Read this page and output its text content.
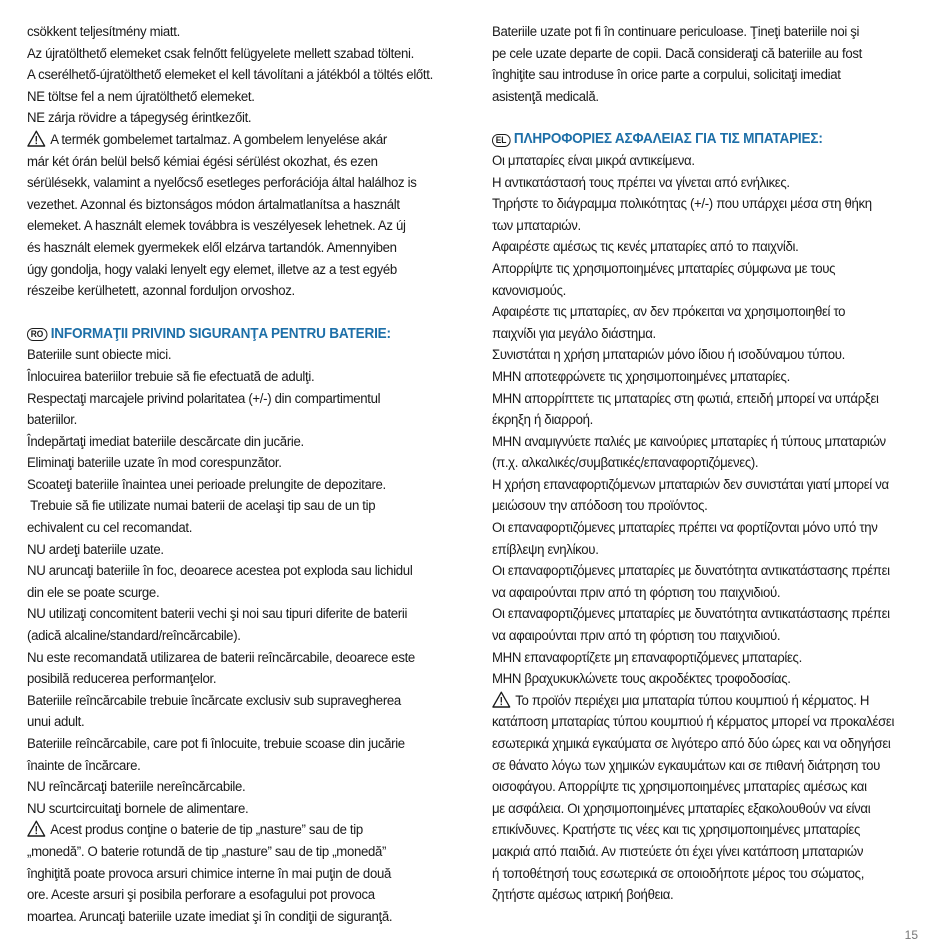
csökkent teljesítmény miatt.
Az újratölthető elemeket csak felnőtt felügyelete mellett szabad tölteni.
A cserélhető-újratölthető elemeket el kell távolítani a játékból a töltés előtt.
NE töltse fel a nem újratölthető elemeket.
NE zárja rövidre a tápegység érintkezőit.
A termék gombelemet tartalmaz. A gombelem lenyelése akár
már két órán belül belső kémiai égési sérülést okozhat, és ezen
sérülésekk, valamint a nyelőcső esetleges perforációja által halálhoz is
vezethet. Azonnal és biztonságos módon ártalmatlanítsa a használt
elemeket. A használt elemek továbbra is veszélyesek lehetnek. Az új
és használt elemek gyermekek elől elzárva tartandók. Amennyiben
úgy gondolja, hogy valaki lenyelt egy elemet, illetve az a test egyéb
részeibe kerülhetett, azonnal forduljon orvoshoz.
RO INFORMAŢII PRIVIND SIGURANŢA PENTRU BATERIE:
Bateriile sunt obiecte mici.
Înlocuirea bateriilor trebuie să fie efectuată de adulţi.
Respectaţi marcajele privind polaritatea (+/-) din compartimentul
bateriilor.
Îndepărtaţi imediat bateriile descărcate din jucărie.
Eliminaţi bateriile uzate în mod corespunzător.
Scoateţi bateriile înaintea unei perioade prelungite de depozitare.
Trebuie să fie utilizate numai baterii de acelaşi tip sau de un tip
echivalent cu cel recomandat.
NU ardeţi bateriile uzate.
NU aruncaţi bateriile în foc, deoarece acestea pot exploda sau lichidul
din ele se poate scurge.
NU utilizaţi concomitent baterii vechi şi noi sau tipuri diferite de baterii
(adică alcaline/standard/reîncărcabile).
Nu este recomandată utilizarea de baterii reîncărcabile, deoarece este
posibilă reducerea performanţelor.
Bateriile reîncărcabile trebuie încărcate exclusiv sub supravegherea
unui adult.
Bateriile reîncărcabile, care pot fi înlocuite, trebuie scoase din jucărie
înainte de încărcare.
NU reîncărcaţi bateriile nereîncărcabile.
NU scurtcircuitaţi bornele de alimentare.
Acest produs conţine o baterie de tip „nasture” sau de tip
„monedă”. O baterie rotundă de tip „nasture” sau de tip „monedă”
înghiţită poate provoca arsuri chimice interne în mai puţin de două
ore. Aceste arsuri şi posibila perforare a esofagului pot provoca
moartea. Aruncaţi bateriile uzate imediat şi în condiţii de siguranţă.
Bateriile uzate pot fi în continuare periculoase. Ţineţi bateriile noi şi
pe cele uzate departe de copii. Dacă consideraţi că bateriile au fost
înghiţite sau introduse în orice parte a corpului, solicitaţi imediat
asistenţă medicală.
EL ΠΛΗΡΟΦΟΡΙΕΣ ΑΣΦΑΛΕΙΑΣ ΓΙΑ ΤΙΣ ΜΠΑΤΑΡΙΕΣ:
Οι μπαταρίες είναι μικρά αντικείμενα.
Η αντικατάστασή τους πρέπει να γίνεται από ενήλικες.
Τηρήστε το διάγραμμα πολικότητας (+/-) που υπάρχει μέσα στη θήκη
των μπαταριών.
Αφαιρέστε αμέσως τις κενές μπαταρίες από το παιχνίδι.
Απορρίψτε τις χρησιμοποιημένες μπαταρίες σύμφωνα με τους
κανονισμούς.
Αφαιρέστε τις μπαταρίες, αν δεν πρόκειται να χρησιμοποιηθεί το
παιχνίδι για μεγάλο διάστημα.
Συνιστάται η χρήση μπαταριών μόνο ίδιου ή ισοδύναμου τύπου.
ΜΗΝ αποτεφρώνετε τις χρησιμοποιημένες μπαταρίες.
ΜΗΝ απορρίπτετε τις μπαταρίες στη φωτιά, επειδή μπορεί να υπάρξει
έκρηξη ή διαρροή.
ΜΗΝ αναμιγνύετε παλιές με καινούριες μπαταρίες ή τύπους μπαταριών
(π.χ. αλκαλικές/συμβατικές/επαναφορτιζόμενες).
Η χρήση επαναφορτιζόμενων μπαταριών δεν συνιστάται γιατί μπορεί να
μειώσουν την απόδοση του προϊόντος.
Οι επαναφορτιζόμενες μπαταρίες πρέπει να φορτίζονται μόνο υπό την
επίβλεψη ενηλίκου.
Οι επαναφορτιζόμενες μπαταρίες με δυνατότητα αντικατάστασης πρέπει
να αφαιρούνται πριν από τη φόρτιση του παιχνιδιού.
Οι επαναφορτιζόμενες μπαταρίες με δυνατότητα αντικατάστασης πρέπει
να αφαιρούνται πριν από τη φόρτιση του παιχνιδιού.
ΜΗΝ επαναφορτίζετε μη επαναφορτιζόμενες μπαταρίες.
ΜΗΝ βραχυκυκλώνετε τους ακροδέκτες τροφοδοσίας.
Το προϊόν περιέχει μια μπαταρία τύπου κουμπιού ή κέρματος. Η
κατάποση μπαταρίας τύπου κουμπιού ή κέρματος μπορεί να προκαλέσει
εσωτερικά χημικά εγκαύματα σε λιγότερο από δύο ώρες και να οδηγήσει
σε θάνατο λόγω των χημικών εγκαυμάτων και σε πιθανή διάτρηση του
οισοφάγου. Απορρίψτε τις χρησιμοποιημένες μπαταρίες αμέσως και
με ασφάλεια. Οι χρησιμοποιημένες μπαταρίες εξακολουθούν να είναι
επικίνδυνες. Κρατήστε τις νέες και τις χρησιμοποιημένες μπαταρίες
μακριά από παιδιά. Αν πιστεύετε ότι έχει γίνει κατάποση μπαταριών
ή τοποθέτησή τους εσωτερικά σε οποιοδήποτε μέρος του σώματος,
ζητήστε αμέσως ιατρική βοήθεια.
15
